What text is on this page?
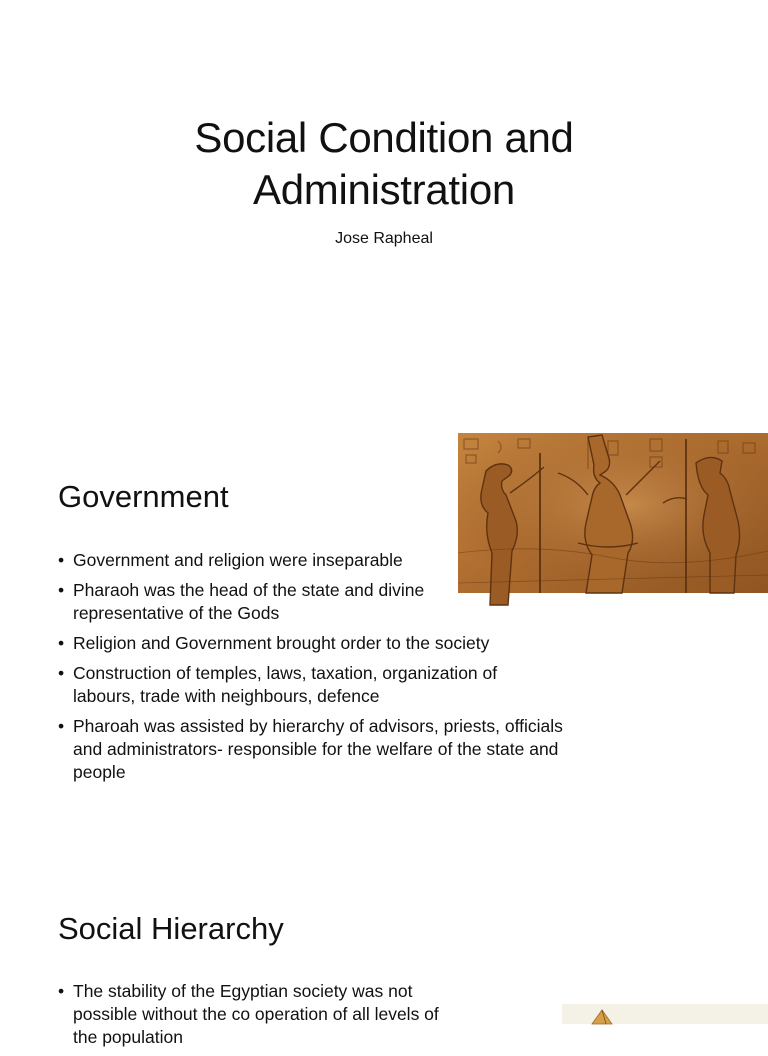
Social Condition and
Administration
Jose Rapheal
Government
• Government and religion were inseparable
• Pharaoh was the head of the state and divine representative of the Gods
• Religion and Government brought order to the society
• Construction of temples, laws, taxation, organization of labours, trade with neighbours, defence
• Pharoah was assisted by hierarchy of advisors, priests, officials and administrators- responsible for the welfare of the state and people
Social Hierarchy
• The stability of the Egyptian society was not possible without the co operation of all levels of the population
